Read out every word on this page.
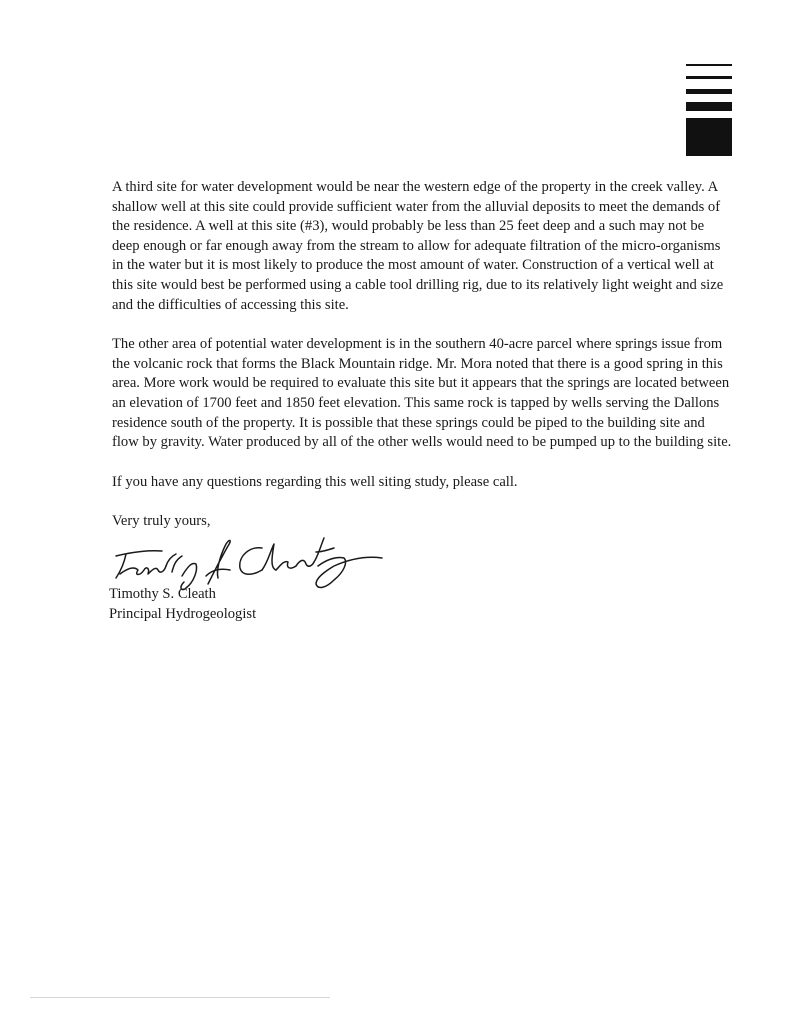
A third site for water development would be near the western edge of the property in the creek valley. A shallow well at this site could provide sufficient water from the alluvial deposits to meet the demands of the residence. A well at this site (#3), would probably be less than 25 feet deep and a such may not be deep enough or far enough away from the stream to allow for adequate filtration of the micro-organisms in the water but it is most likely to produce the most amount of water. Construction of a vertical well at this site would best be performed using a cable tool drilling rig, due to its relatively light weight and size and the difficulties of accessing this site.

The other area of potential water development is in the southern 40-acre parcel where springs issue from the volcanic rock that forms the Black Mountain ridge. Mr. Mora noted that there is a good spring in this area. More work would be required to evaluate this site but it appears that the springs are located between an elevation of 1700 feet and 1850 feet elevation. This same rock is tapped by wells serving the Dallons residence south of the property. It is possible that these springs could be piped to the building site and flow by gravity. Water produced by all of the other wells would need to be pumped up to the building site.

If you have any questions regarding this well siting study, please call.

Very truly yours,

Timothy S. Cleath
Principal Hydrogeologist
